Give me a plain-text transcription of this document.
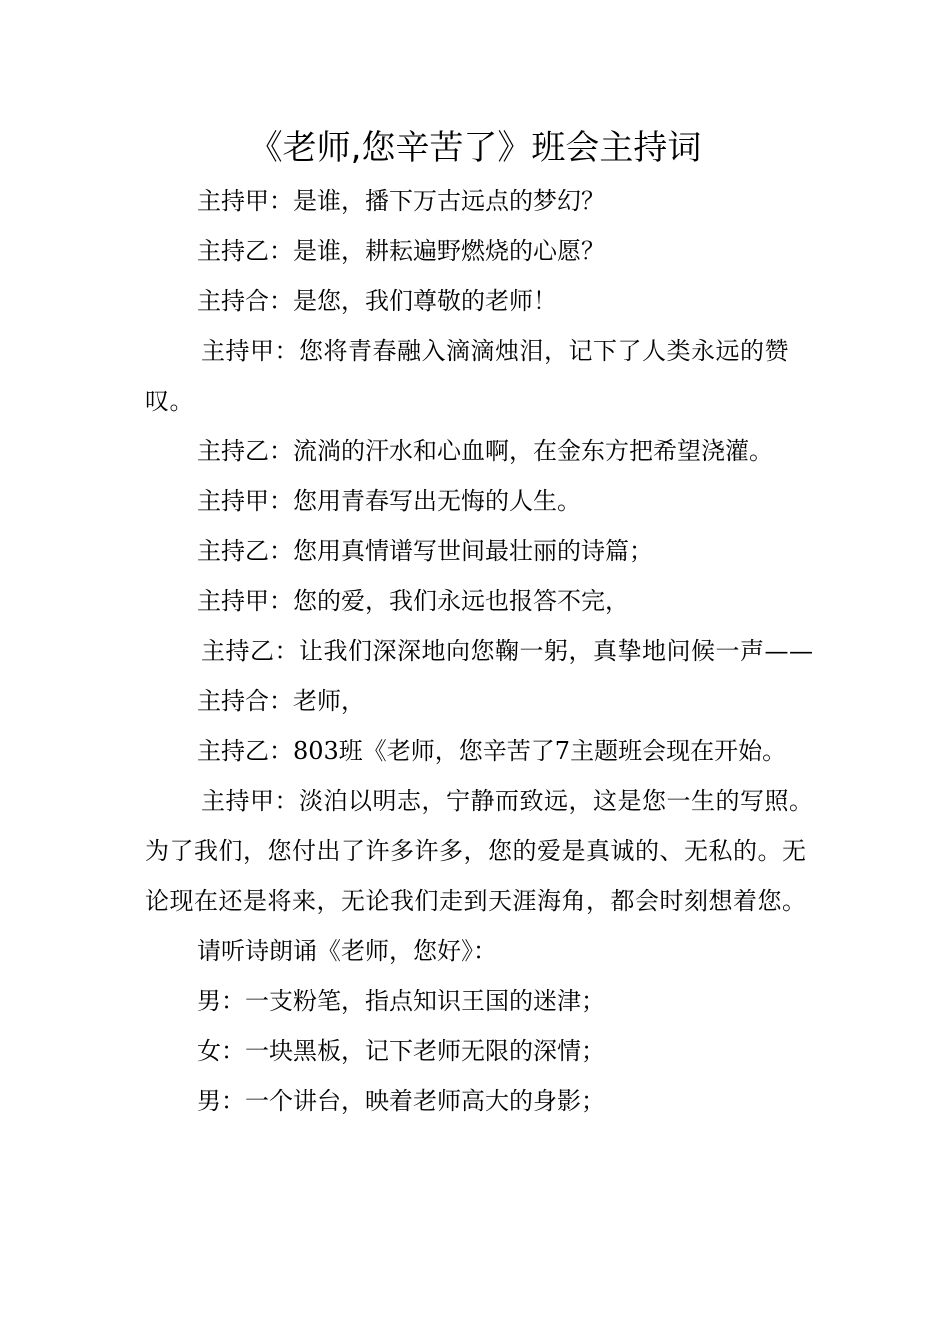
《老师,您辛苦了》班会主持词

主持甲：是谁，播下万古远点的梦幻？

主持乙：是谁，耕耘遍野燃烧的心愿？

主持合：是您，我们尊敬的老师！

主持甲：您将青春融入滴滴烛泪，记下了人类永远的赞叹。

主持乙：流淌的汗水和心血啊，在金东方把希望浇灌。

主持甲：您用青春写出无悔的人生。

主持乙：您用真情谱写世间最壮丽的诗篇；

主持甲：您的爱，我们永远也报答不完，

主持乙：让我们深深地向您鞠一躬，真挚地问候一声——

主持合：老师，

主持乙：803班《老师，您辛苦了7主题班会现在开始。

主持甲：淡泊以明志，宁静而致远，这是您一生的写照。为了我们，您付出了许多许多，您的爱是真诚的、无私的。无论现在还是将来，无论我们走到天涯海角，都会时刻想着您。

请听诗朗诵《老师，您好》：

男：一支粉笔，指点知识王国的迷津；

女：一块黑板，记下老师无限的深情；

男：一个讲台，映着老师高大的身影；
